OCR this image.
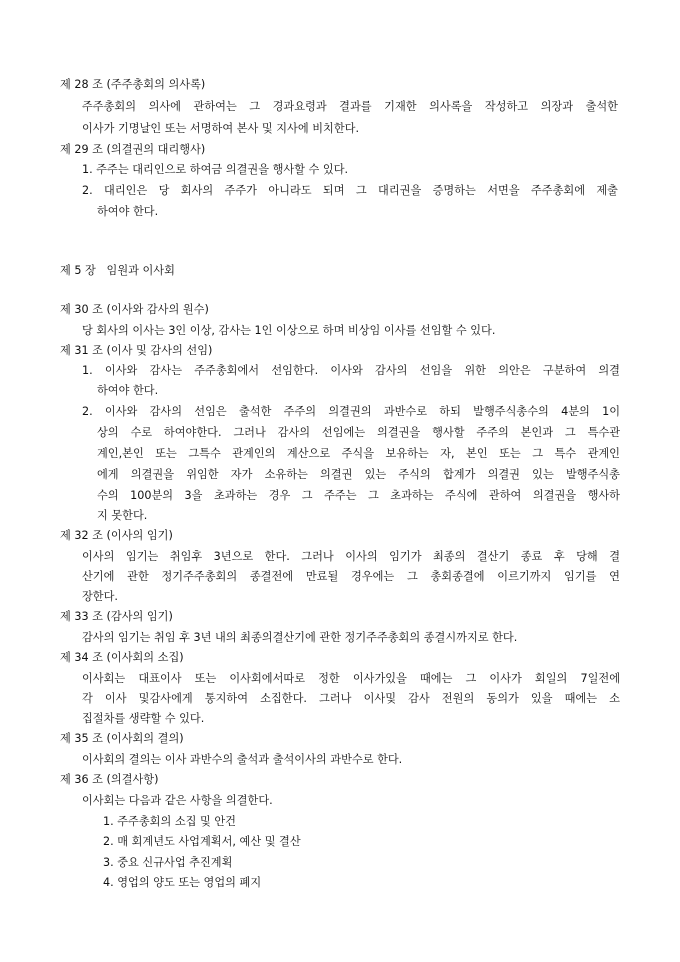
제 28 조 (주주총회의 의사록)
주주총회의 의사에 관하여는 그 경과요령과 결과를 기재한 의사록을 작성하고 의장과 출석한
이사가 기명날인 또는 서명하여 본사 및 지사에 비치한다.
제 29 조 (의결권의 대리행사)
1. 주주는 대리인으로 하여금 의결권을 행사할 수 있다.
2. 대리인은 당 회사의 주주가 아니라도 되며 그 대리권을 증명하는 서면을 주주총회에 제출
하여야 한다.
제 5 장   임원과 이사회
제 30 조 (이사와 감사의 원수)
당 회사의 이사는 3인 이상, 감사는 1인 이상으로 하며 비상임 이사를 선임할 수 있다.
제 31 조 (이사 및 감사의 선임)
1. 이사와 감사는 주주총회에서 선임한다. 이사와 감사의 선임을 위한 의안은 구분하여 의결
하여야 한다.
2. 이사와 감사의 선임은 출석한 주주의 의결권의 과반수로 하되 발행주식총수의 4분의 1이
상의 수로 하여야한다. 그러나 감사의 선임에는 의결권을 행사할 주주의 본인과 그 특수관
계인,본인 또는 그특수 관계인의 계산으로 주식을 보유하는 자, 본인 또는 그 특수 관계인
에게 의결권을 위임한 자가 소유하는 의결권 있는 주식의 합계가 의결권 있는 발행주식총
수의 100분의 3을 초과하는 경우 그 주주는 그 초과하는 주식에 관하여 의결권을 행사하
지 못한다.
제 32 조 (이사의 임기)
이사의 임기는 취임후 3년으로 한다. 그러나 이사의 임기가 최종의 결산기 종료 후 당해 결
산기에 관한 정기주주총회의 종결전에 만료될 경우에는 그 총회종결에 이르기까지 임기를 연
장한다.
제 33 조 (감사의 임기)
감사의 임기는 취임 후 3년 내의 최종의결산기에 관한 정기주주총회의 종결시까지로 한다.
제 34 조 (이사회의 소집)
이사회는 대표이사 또는 이사회에서따로 정한 이사가있을 때에는 그 이사가 회일의 7일전에
각 이사 및감사에게 통지하여 소집한다. 그러나 이사및 감사 전원의 동의가 있을 때에는 소
집절차를 생략할 수 있다.
제 35 조 (이사회의 결의)
이사회의 결의는 이사 과반수의 출석과 출석이사의 과반수로 한다.
제 36 조 (의결사항)
이사회는 다음과 같은 사항을 의결한다.
1. 주주총회의 소집 및 안건
2. 매 회계년도 사업계획서, 예산 및 결산
3. 중요 신규사업 추진계획
4. 영업의 양도 또는 영업의 폐지
